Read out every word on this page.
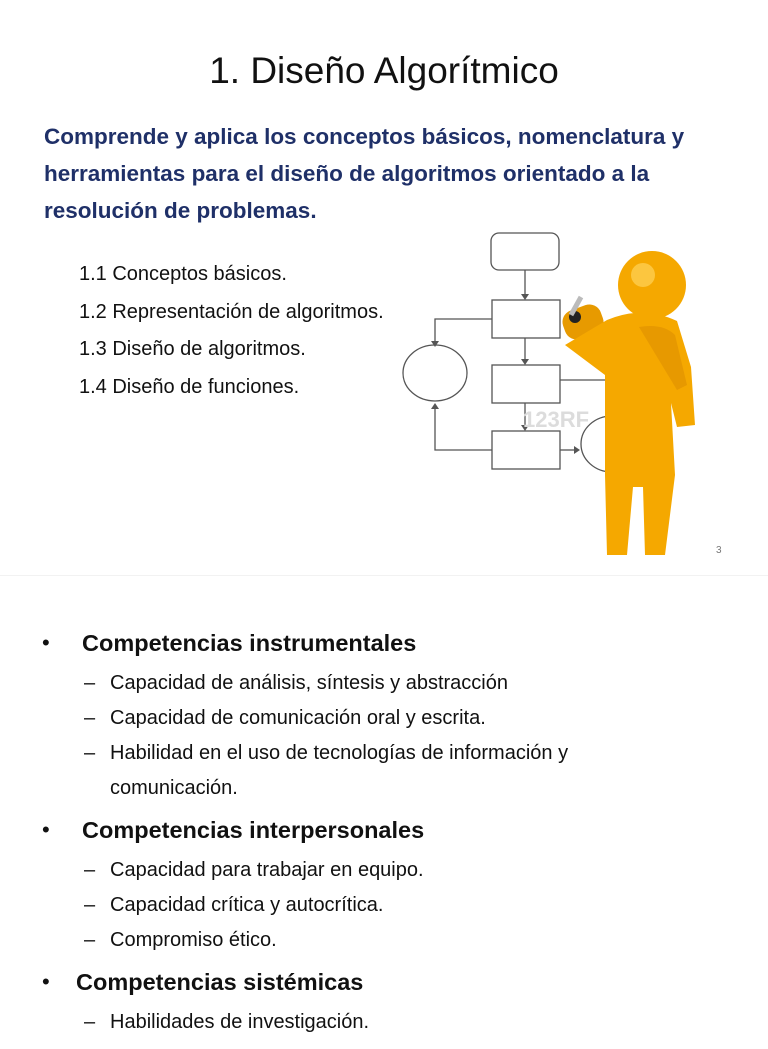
1. Diseño Algorítmico
Comprende y aplica los conceptos básicos, nomenclatura y herramientas para el diseño de algoritmos orientado a la resolución de problemas.
1.1 Conceptos básicos.
1.2 Representación de algoritmos.
1.3 Diseño de algoritmos.
1.4 Diseño de funciones.
123RF
3
• Competencias instrumentales
– Capacidad de análisis, síntesis y abstracción
– Capacidad de comunicación oral y escrita.
– Habilidad en el uso de tecnologías de información y comunicación.
• Competencias interpersonales
– Capacidad para trabajar en equipo.
– Capacidad crítica y autocrítica.
– Compromiso ético.
• Competencias sistémicas
– Habilidades de investigación.
